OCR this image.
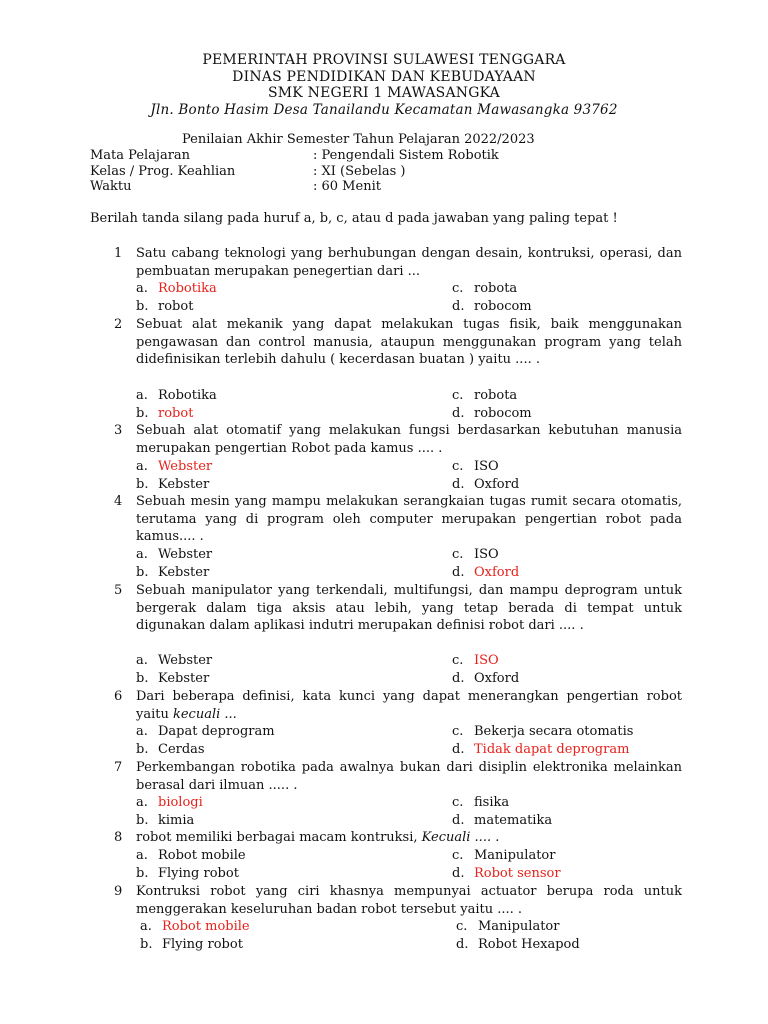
PEMERINTAH PROVINSI SULAWESI TENGGARA
DINAS PENDIDIKAN DAN KEBUDAYAAN
SMK NEGERI 1 MAWASANGKA
Jln. Bonto Hasim Desa Tanailandu Kecamatan Mawasangka 93762
Penilaian Akhir Semester Tahun Pelajaran 2022/2023
Mata Pelajaran	: Pengendali Sistem Robotik
Kelas / Prog. Keahlian	: XI (Sebelas )
Waktu	: 60 Menit
Berilah tanda silang pada huruf a, b, c, atau d pada jawaban yang paling tepat !
1 Satu cabang teknologi yang berhubungan dengan desain, kontruksi, operasi, dan pembuatan merupakan penegertian dari ...
a. Robotika
b. robot
c. robota
d. robocom
2 Sebuat alat mekanik yang dapat melakukan tugas fisik, baik menggunakan pengawasan dan control manusia, ataupun menggunakan program yang telah didefinisikan terlebih dahulu ( kecerdasan buatan ) yaitu .... .
a. Robotika
b. robot
c. robota
d. robocom
3 Sebuah alat otomatif yang melakukan fungsi berdasarkan kebutuhan manusia merupakan pengertian Robot pada kamus .... .
a. Webster
b. Kebster
c. ISO
d. Oxford
4 Sebuah mesin yang mampu melakukan serangkaian tugas rumit secara otomatis, terutama yang di program oleh computer merupakan pengertian robot pada kamus.... .
a. Webster
b. Kebster
c. ISO
d. Oxford
5 Sebuah manipulator yang terkendali, multifungsi, dan mampu deprogram untuk bergerak dalam tiga aksis atau lebih, yang tetap berada di tempat untuk digunakan dalam aplikasi indutri merupakan definisi robot dari .... .
a. Webster
b. Kebster
c. ISO
d. Oxford
6 Dari beberapa definisi, kata kunci yang dapat menerangkan pengertian robot yaitu kecuali ...
a. Dapat deprogram
b. Cerdas
c. Bekerja secara otomatis
d. Tidak dapat deprogram
7 Perkembangan robotika pada awalnya bukan dari disiplin elektronika melainkan berasal dari ilmuan ..... .
a. biologi
b. kimia
c. fisika
d. matematika
8 robot memiliki berbagai macam kontruksi, Kecuali .... .
a. Robot mobile
b. Flying robot
c. Manipulator
d. Robot sensor
9 Kontruksi robot yang ciri khasnya mempunyai actuator berupa roda untuk menggerakan keseluruhan badan robot tersebut yaitu .... .
a. Robot mobile
b. Flying robot
c. Manipulator
d. Robot Hexapod
